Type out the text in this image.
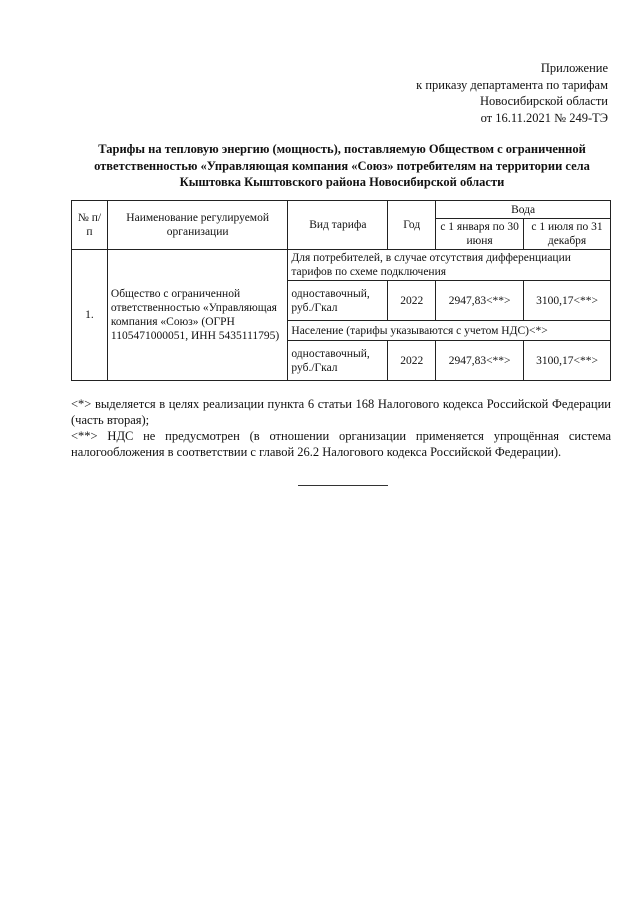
Приложение
к приказу департамента по тарифам
Новосибирской области
от 16.11.2021 № 249-ТЭ
Тарифы на тепловую энергию (мощность), поставляемую Обществом с ограниченной ответственностью «Управляющая компания «Союз» потребителям на территории села Кыштовка Кыштовского района Новосибирской области
№ п/п	Наименование регулируемой организации	Вид тарифа	Год	Вода	
				с 1 января по 30 июня	с 1 июля по 31 декабря
1.	Общество с ограниченной ответственностью «Управляющая компания «Союз» (ОГРН 1105471000051, ИНН 5435111795)	Для потребителей, в случае отсутствия дифференциации тарифов по схеме подключения			
		одноставочный, руб./Гкал	2022	2947,83<**>	3100,17<**>
		Население (тарифы указываются с учетом НДС)<*>			
		одноставочный, руб./Гкал	2022	2947,83<**>	3100,17<**>

<*> выделяется в целях реализации пункта 6 статьи 168 Налогового кодекса Российской Федерации (часть вторая);

<**> НДС не предусмотрен (в отношении организации применяется упрощённая система налогообложения в соответствии с главой 26.2 Налогового кодекса Российской Федерации).
